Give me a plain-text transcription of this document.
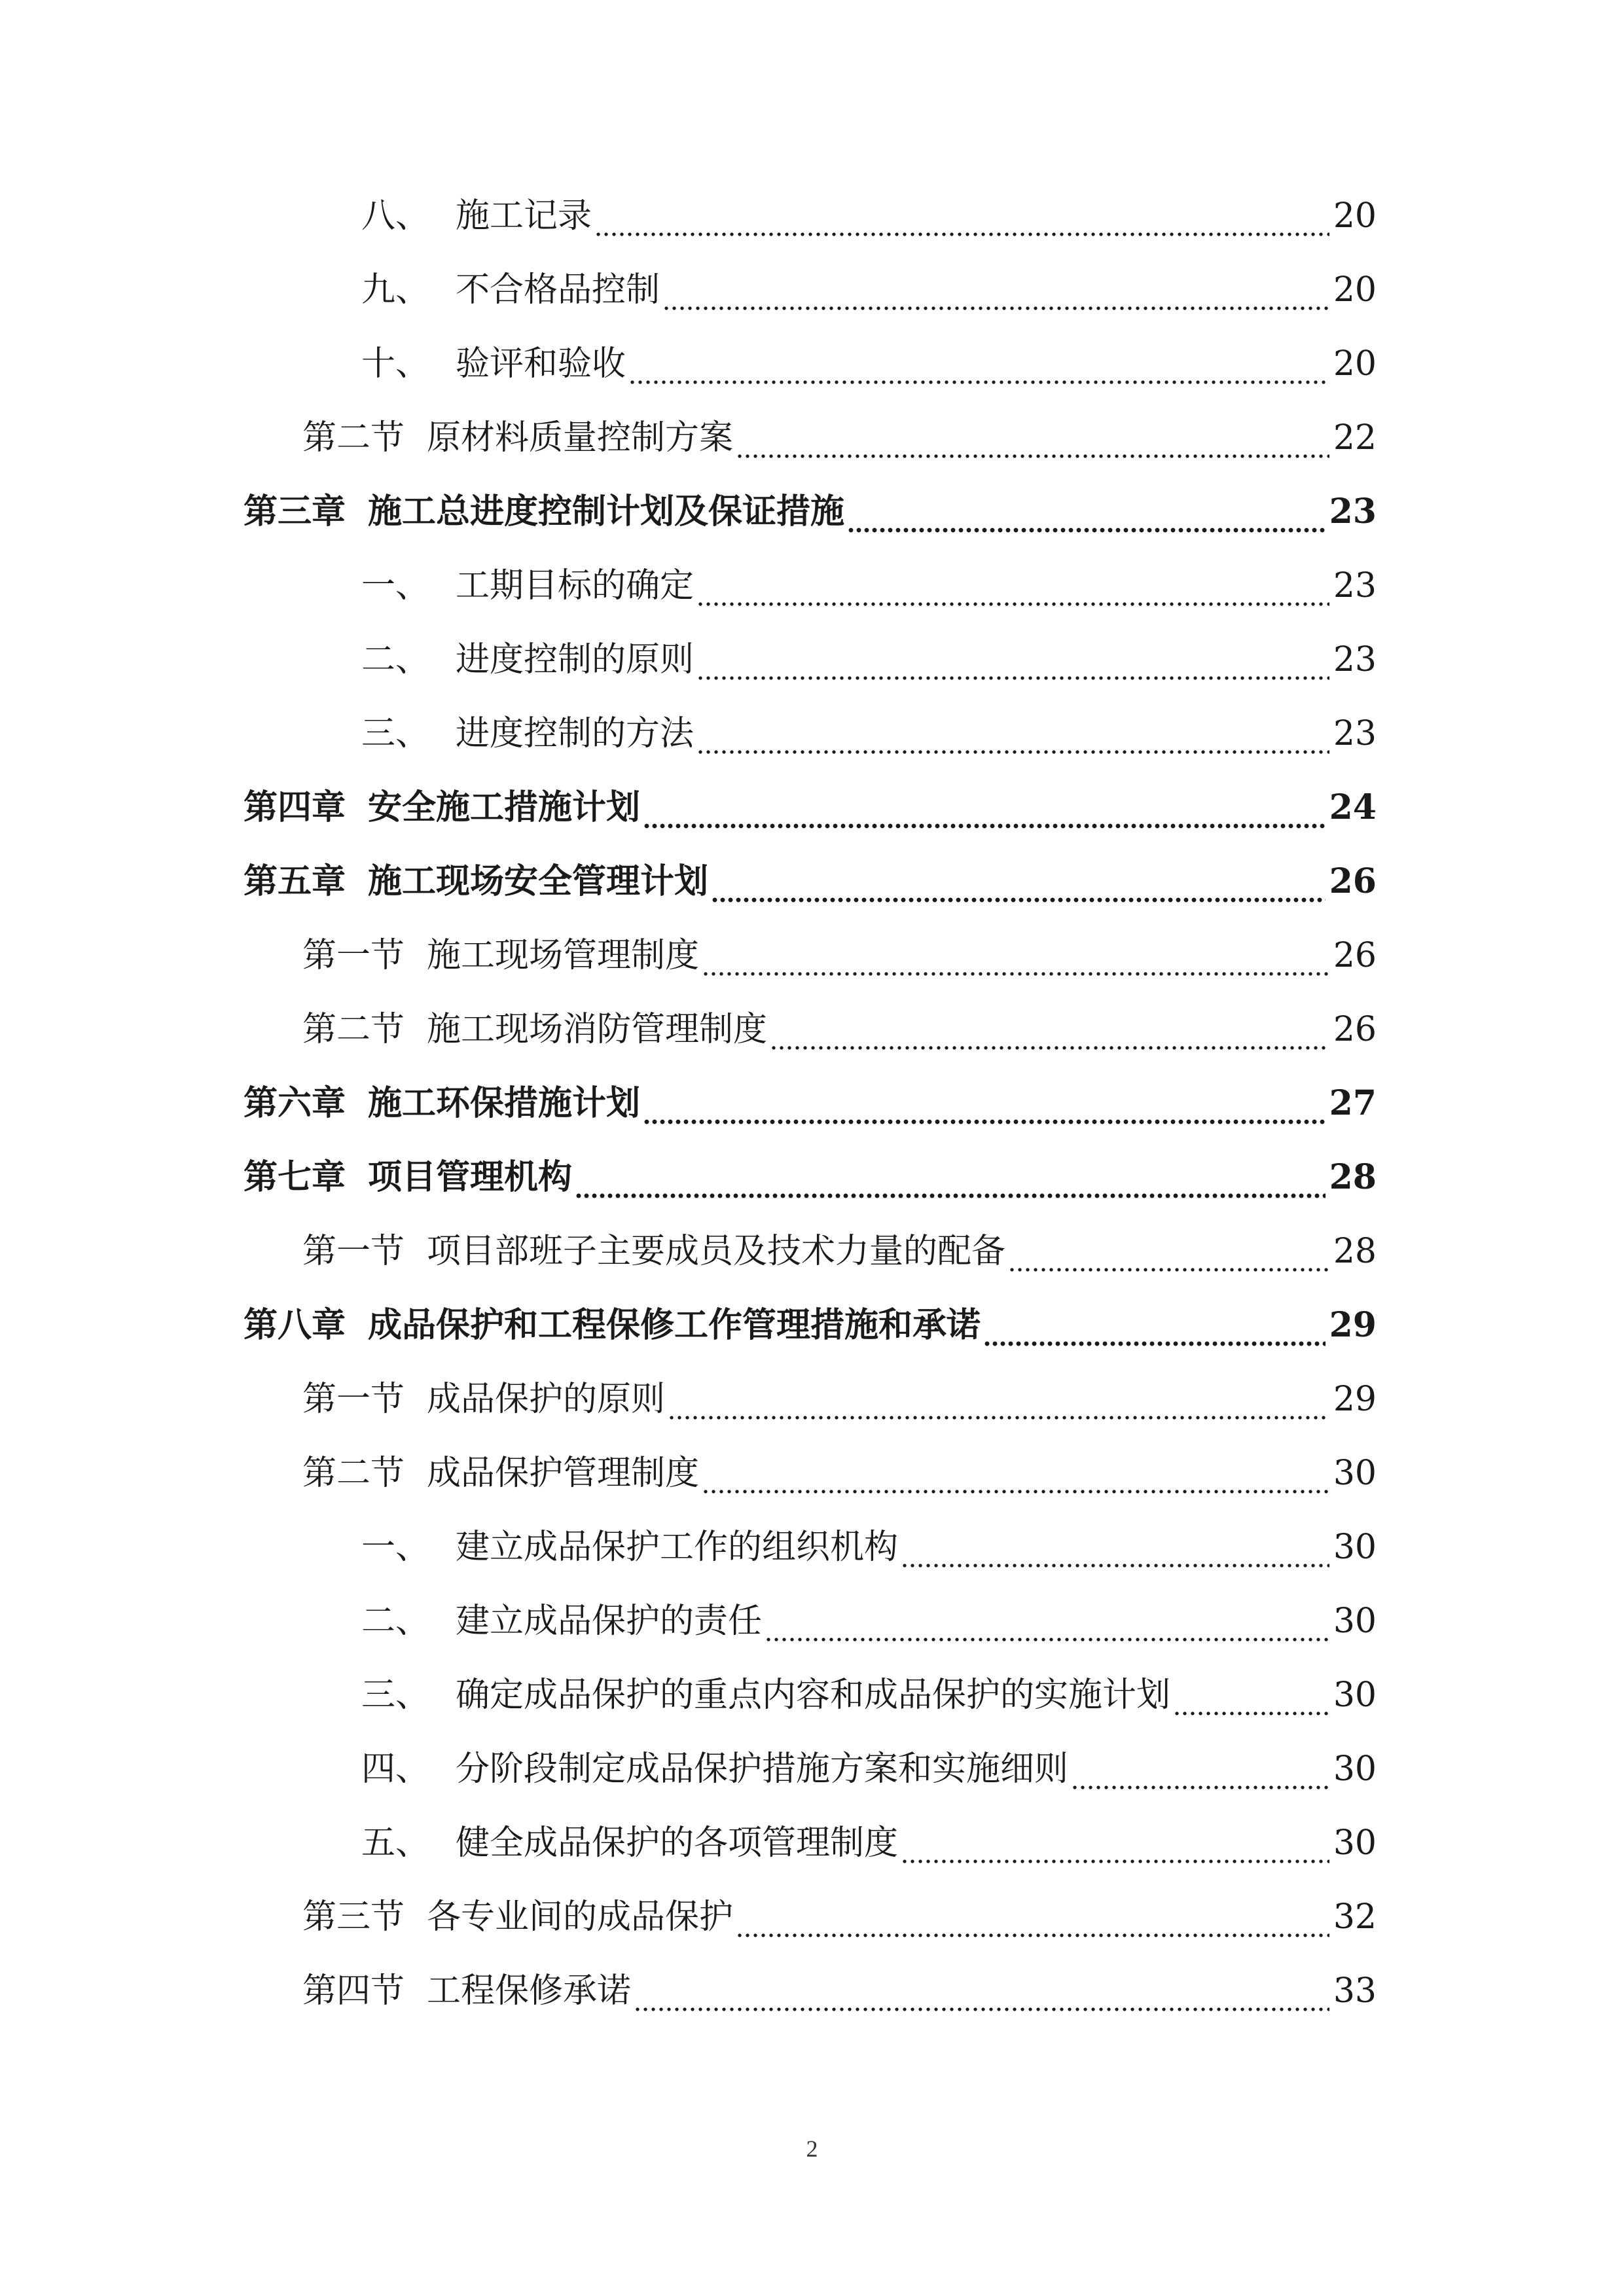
八、 施工记录	20
九、 不合格品控制	20
十、 验评和验收	20
第二节 原材料质量控制方案	22
第三章 施工总进度控制计划及保证措施	23
一、 工期目标的确定	23
二、 进度控制的原则	23
三、 进度控制的方法	23
第四章 安全施工措施计划	24
第五章 施工现场安全管理计划	26
第一节 施工现场管理制度	26
第二节 施工现场消防管理制度	26
第六章 施工环保措施计划	27
第七章 项目管理机构	28
第一节 项目部班子主要成员及技术力量的配备	28
第八章 成品保护和工程保修工作管理措施和承诺	29
第一节 成品保护的原则	29
第二节 成品保护管理制度	30
一、 建立成品保护工作的组织机构	30
二、 建立成品保护的责任	30
三、 确定成品保护的重点内容和成品保护的实施计划	30
四、 分阶段制定成品保护措施方案和实施细则	30
五、 健全成品保护的各项管理制度	30
第三节 各专业间的成品保护	32
第四节 工程保修承诺	33
2
